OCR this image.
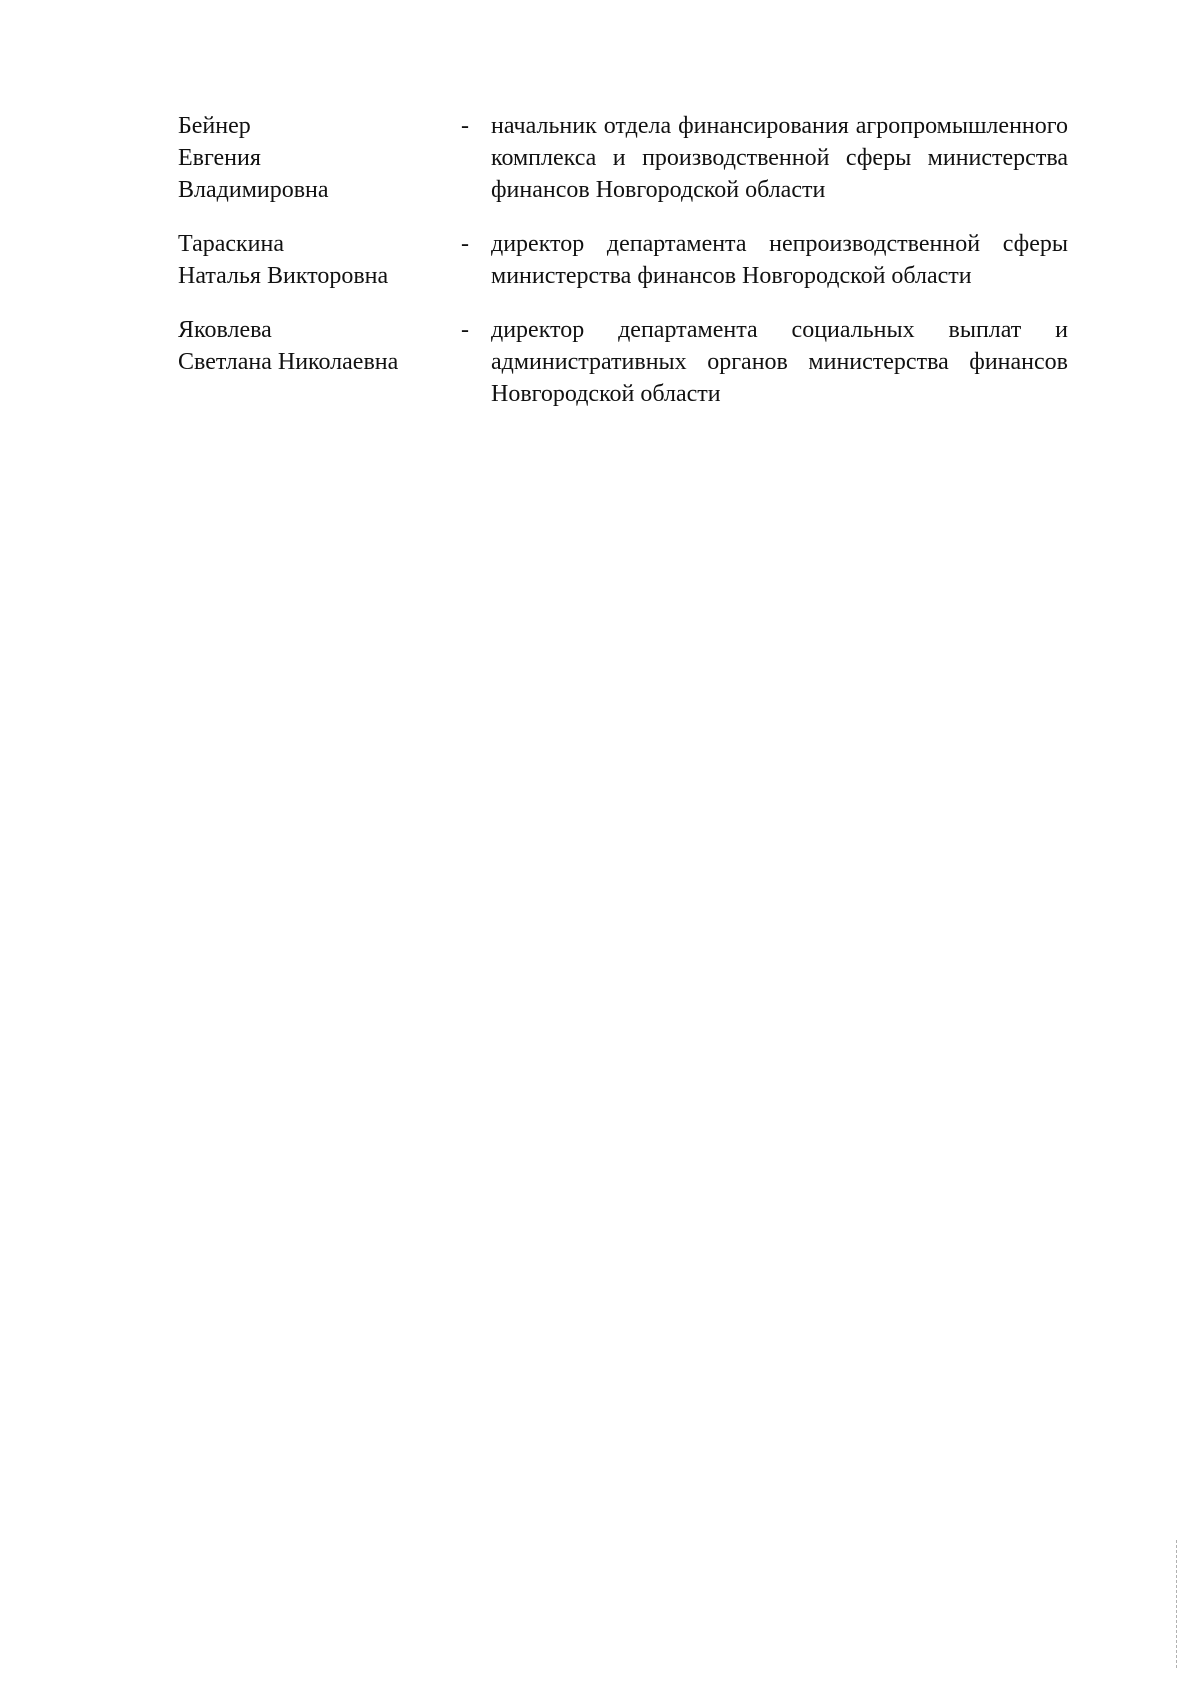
Бейнер
Евгения
Владимировна
- начальник отдела финансирования агропромышленного комплекса и производственной сферы министерства финансов Новгородской области
Тараскина
Наталья Викторовна
- директор департамента непроизводственной сферы министерства финансов Новгородской области
Яковлева
Светлана Николаевна
- директор департамента социальных выплат и административных органов министерства финансов Новгородской области
